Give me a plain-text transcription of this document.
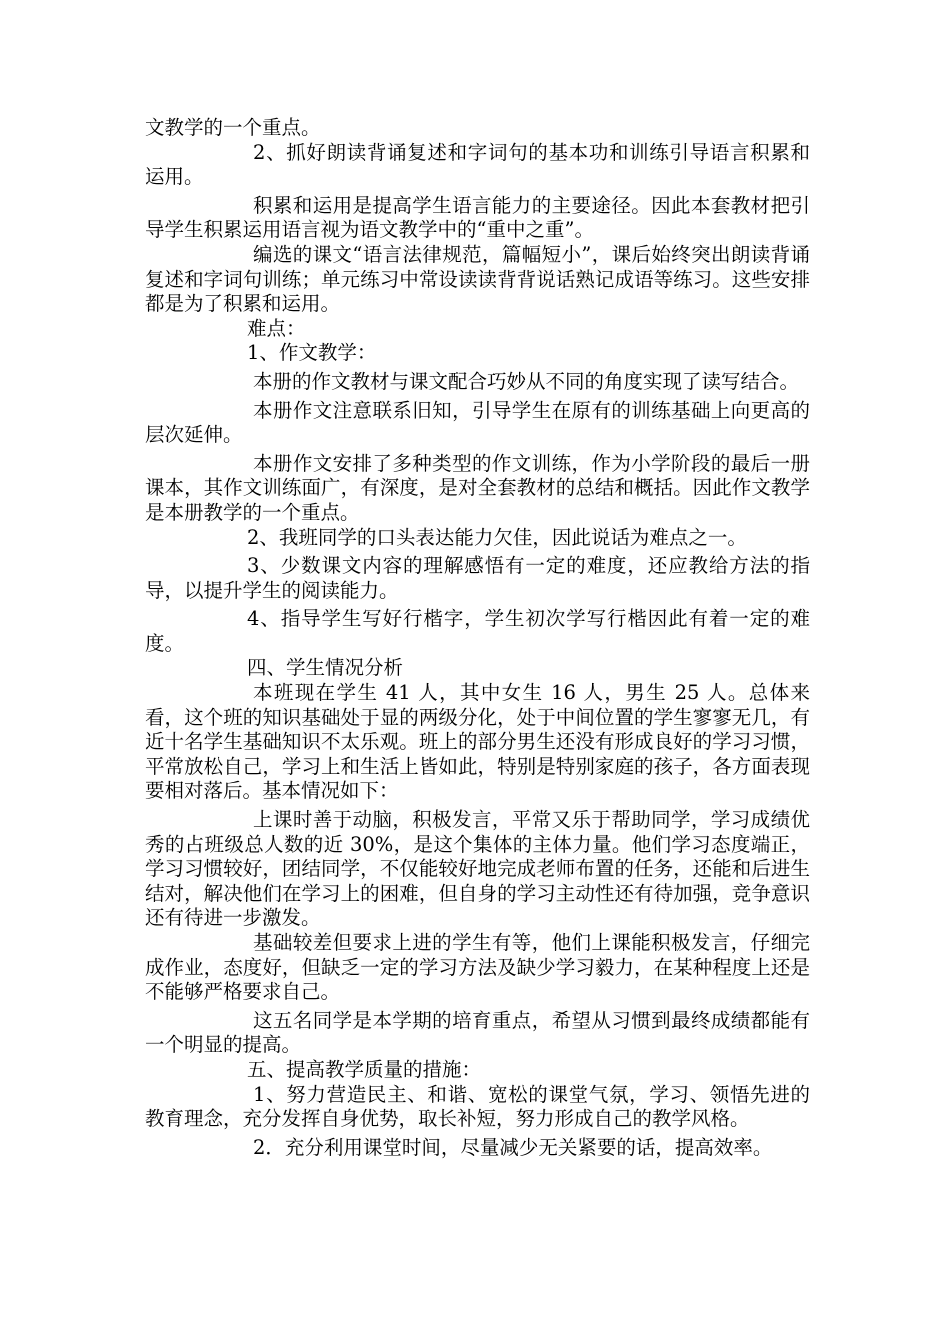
文教学的一个重点。

2、抓好朗读背诵复述和字词句的基本功和训练引导语言积累和运用。

积累和运用是提高学生语言能力的主要途径。因此本套教材把引导学生积累运用语言视为语文教学中的“重中之重”。

编选的课文“语言法律规范，篇幅短小”，课后始终突出朗读背诵复述和字词句训练；单元练习中常设读读背背说话熟记成语等练习。这些安排都是为了积累和运用。

难点：

1、作文教学：

本册的作文教材与课文配合巧妙从不同的角度实现了读写结合。

本册作文注意联系旧知，引导学生在原有的训练基础上向更高的层次延伸。

本册作文安排了多种类型的作文训练，作为小学阶段的最后一册课本，其作文训练面广，有深度，是对全套教材的总结和概括。因此作文教学是本册教学的一个重点。

2、我班同学的口头表达能力欠佳，因此说话为难点之一。

3、少数课文内容的理解感悟有一定的难度，还应教给方法的指导，以提升学生的阅读能力。

4、指导学生写好行楷字，学生初次学写行楷因此有着一定的难度。

四、学生情况分析

本班现在学生 41 人，其中女生 16 人，男生 25 人。总体来看，这个班的知识基础处于显的两级分化，处于中间位置的学生寥寥无几，有近十名学生基础知识不太乐观。班上的部分男生还没有形成良好的学习习惯，平常放松自己，学习上和生活上皆如此，特别是特别家庭的孩子，各方面表现要相对落后。基本情况如下：

上课时善于动脑，积极发言，平常又乐于帮助同学，学习成绩优秀的占班级总人数的近 30%，是这个集体的主体力量。他们学习态度端正，学习习惯较好，团结同学，不仅能较好地完成老师布置的任务，还能和后进生结对，解决他们在学习上的困难，但自身的学习主动性还有待加强，竞争意识还有待进一步激发。

基础较差但要求上进的学生有等，他们上课能积极发言，仔细完成作业，态度好，但缺乏一定的学习方法及缺少学习毅力，在某种程度上还是不能够严格要求自己。

这五名同学是本学期的培育重点，希望从习惯到最终成绩都能有一个明显的提高。

五、提高教学质量的措施：

1、努力营造民主、和谐、宽松的课堂气氛，学习、领悟先进的教育理念，充分发挥自身优势，取长补短，努力形成自己的教学风格。

2．充分利用课堂时间，尽量减少无关紧要的话，提高效率。
